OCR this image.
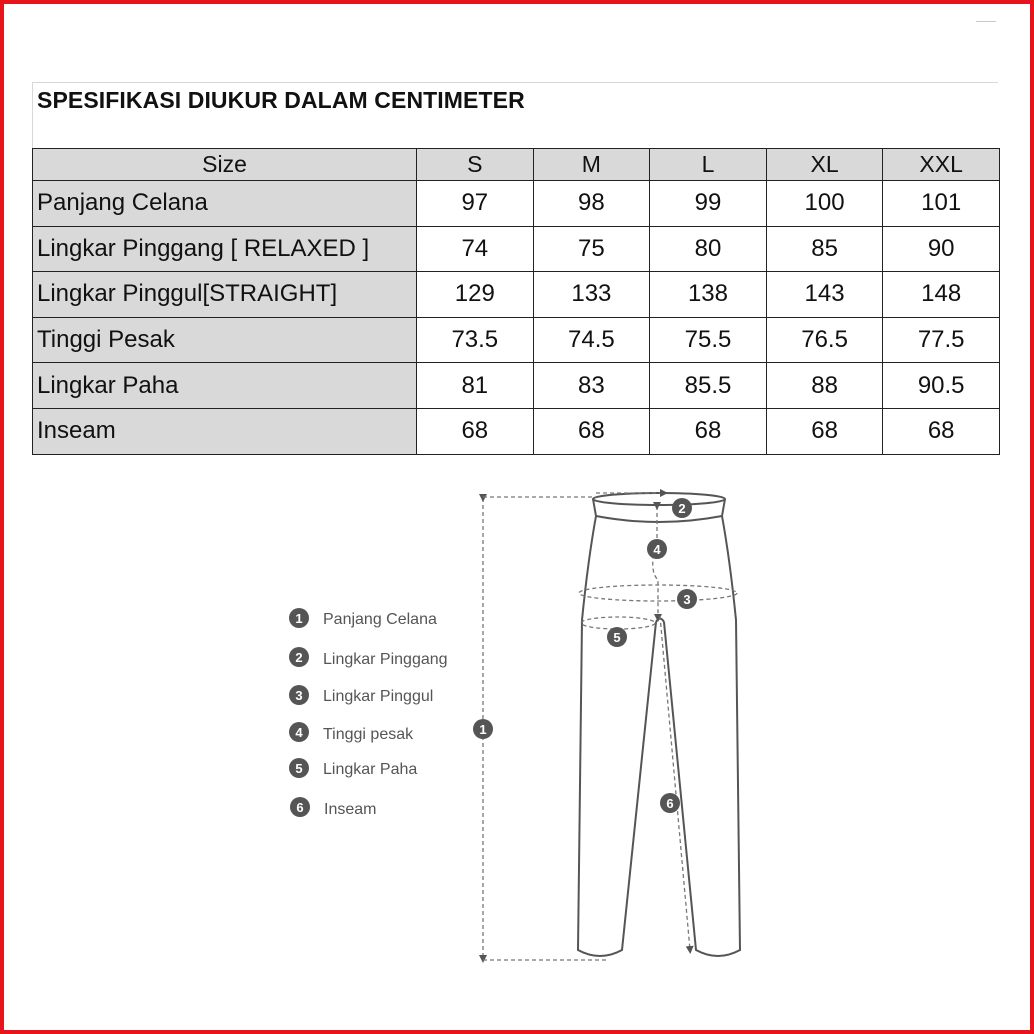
SPESIFIKASI DIUKUR DALAM CENTIMETER
Size	S	M	L	XL	XXL
Panjang Celana	97	98	99	100	101
Lingkar Pinggang [ RELAXED ]	74	75	80	85	90
Lingkar Pinggul[STRAIGHT]	129	133	138	143	148
Tinggi Pesak	73.5	74.5	75.5	76.5	77.5
Lingkar Paha	81	83	85.5	88	90.5
Inseam	68	68	68	68	68
1 Panjang Celana
2 Lingkar Pinggang
3 Lingkar Pinggul
4 Tinggi pesak
5 Lingkar Paha
6 Inseam
1
2
3
4
5
6
